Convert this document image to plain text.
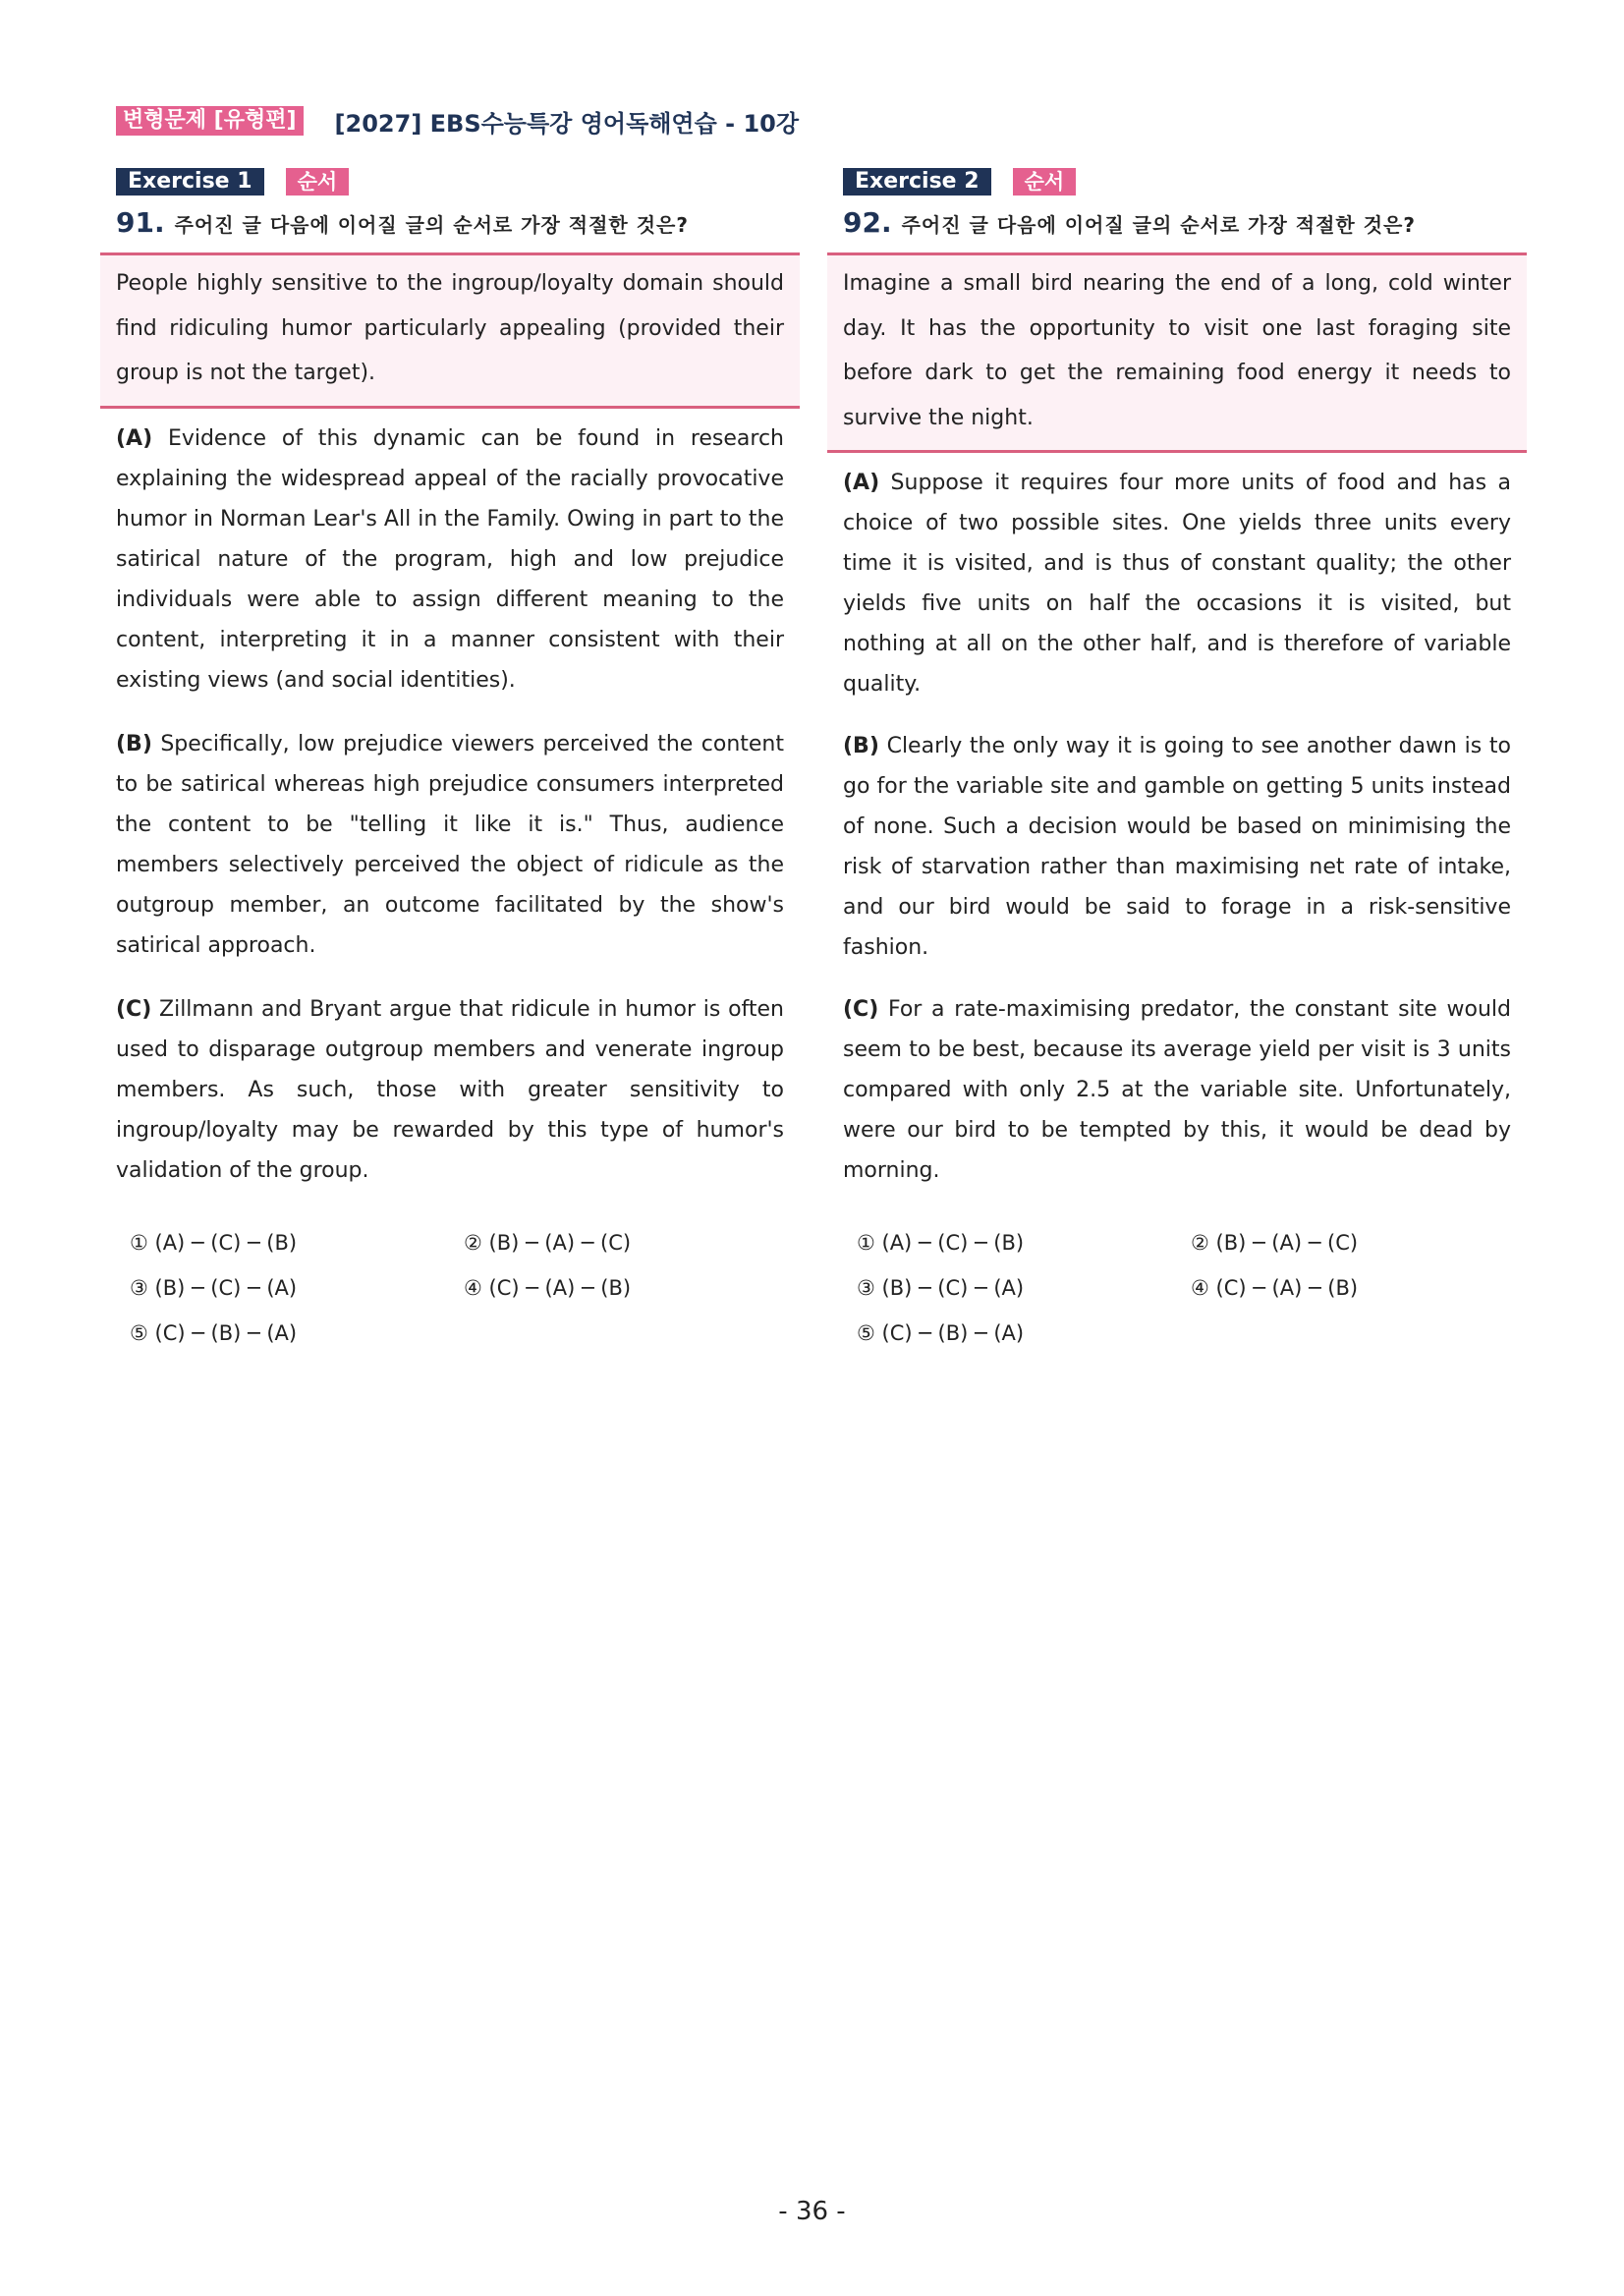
변형문제 [유형편] [2027] EBS수능특강 영어독해연습 - 10강
Exercise 1	순서
91. 주어진 글 다음에 이어질 글의 순서로 가장 적절한 것은?
People highly sensitive to the ingroup/loyalty domain should find ridiculing humor particularly appealing (provided their group is not the target).

(A) Evidence of this dynamic can be found in research explaining the widespread appeal of the racially provocative humor in Norman Lear's All in the Family. Owing in part to the satirical nature of the program, high and low prejudice individuals were able to assign different meaning to the content, interpreting it in a manner consistent with their existing views (and social identities).

(B) Specifically, low prejudice viewers perceived the content to be satirical whereas high prejudice consumers interpreted the content to be "telling it like it is." Thus, audience members selectively perceived the object of ridicule as the outgroup member, an outcome facilitated by the show's satirical approach.

(C) Zillmann and Bryant argue that ridicule in humor is often used to disparage outgroup members and venerate ingroup members. As such, those with greater sensitivity to ingroup/loyalty may be rewarded by this type of humor's validation of the group.

① (A) ─ (C) ─ (B)	② (B) ─ (A) ─ (C)
③ (B) ─ (C) ─ (A)	④ (C) ─ (A) ─ (B)
⑤ (C) ─ (B) ─ (A)
Exercise 2	순서
92. 주어진 글 다음에 이어질 글의 순서로 가장 적절한 것은?
Imagine a small bird nearing the end of a long, cold winter day. It has the opportunity to visit one last foraging site before dark to get the remaining food energy it needs to survive the night.

(A) Suppose it requires four more units of food and has a choice of two possible sites. One yields three units every time it is visited, and is thus of constant quality; the other yields five units on half the occasions it is visited, but nothing at all on the other half, and is therefore of variable quality.

(B) Clearly the only way it is going to see another dawn is to go for the variable site and gamble on getting 5 units instead of none. Such a decision would be based on minimising the risk of starvation rather than maximising net rate of intake, and our bird would be said to forage in a risk-sensitive fashion.

(C) For a rate-maximising predator, the constant site would seem to be best, because its average yield per visit is 3 units compared with only 2.5 at the variable site. Unfortunately, were our bird to be tempted by this, it would be dead by morning.

① (A) ─ (C) ─ (B)	② (B) ─ (A) ─ (C)
③ (B) ─ (C) ─ (A)	④ (C) ─ (A) ─ (B)
⑤ (C) ─ (B) ─ (A)
- 36 -
